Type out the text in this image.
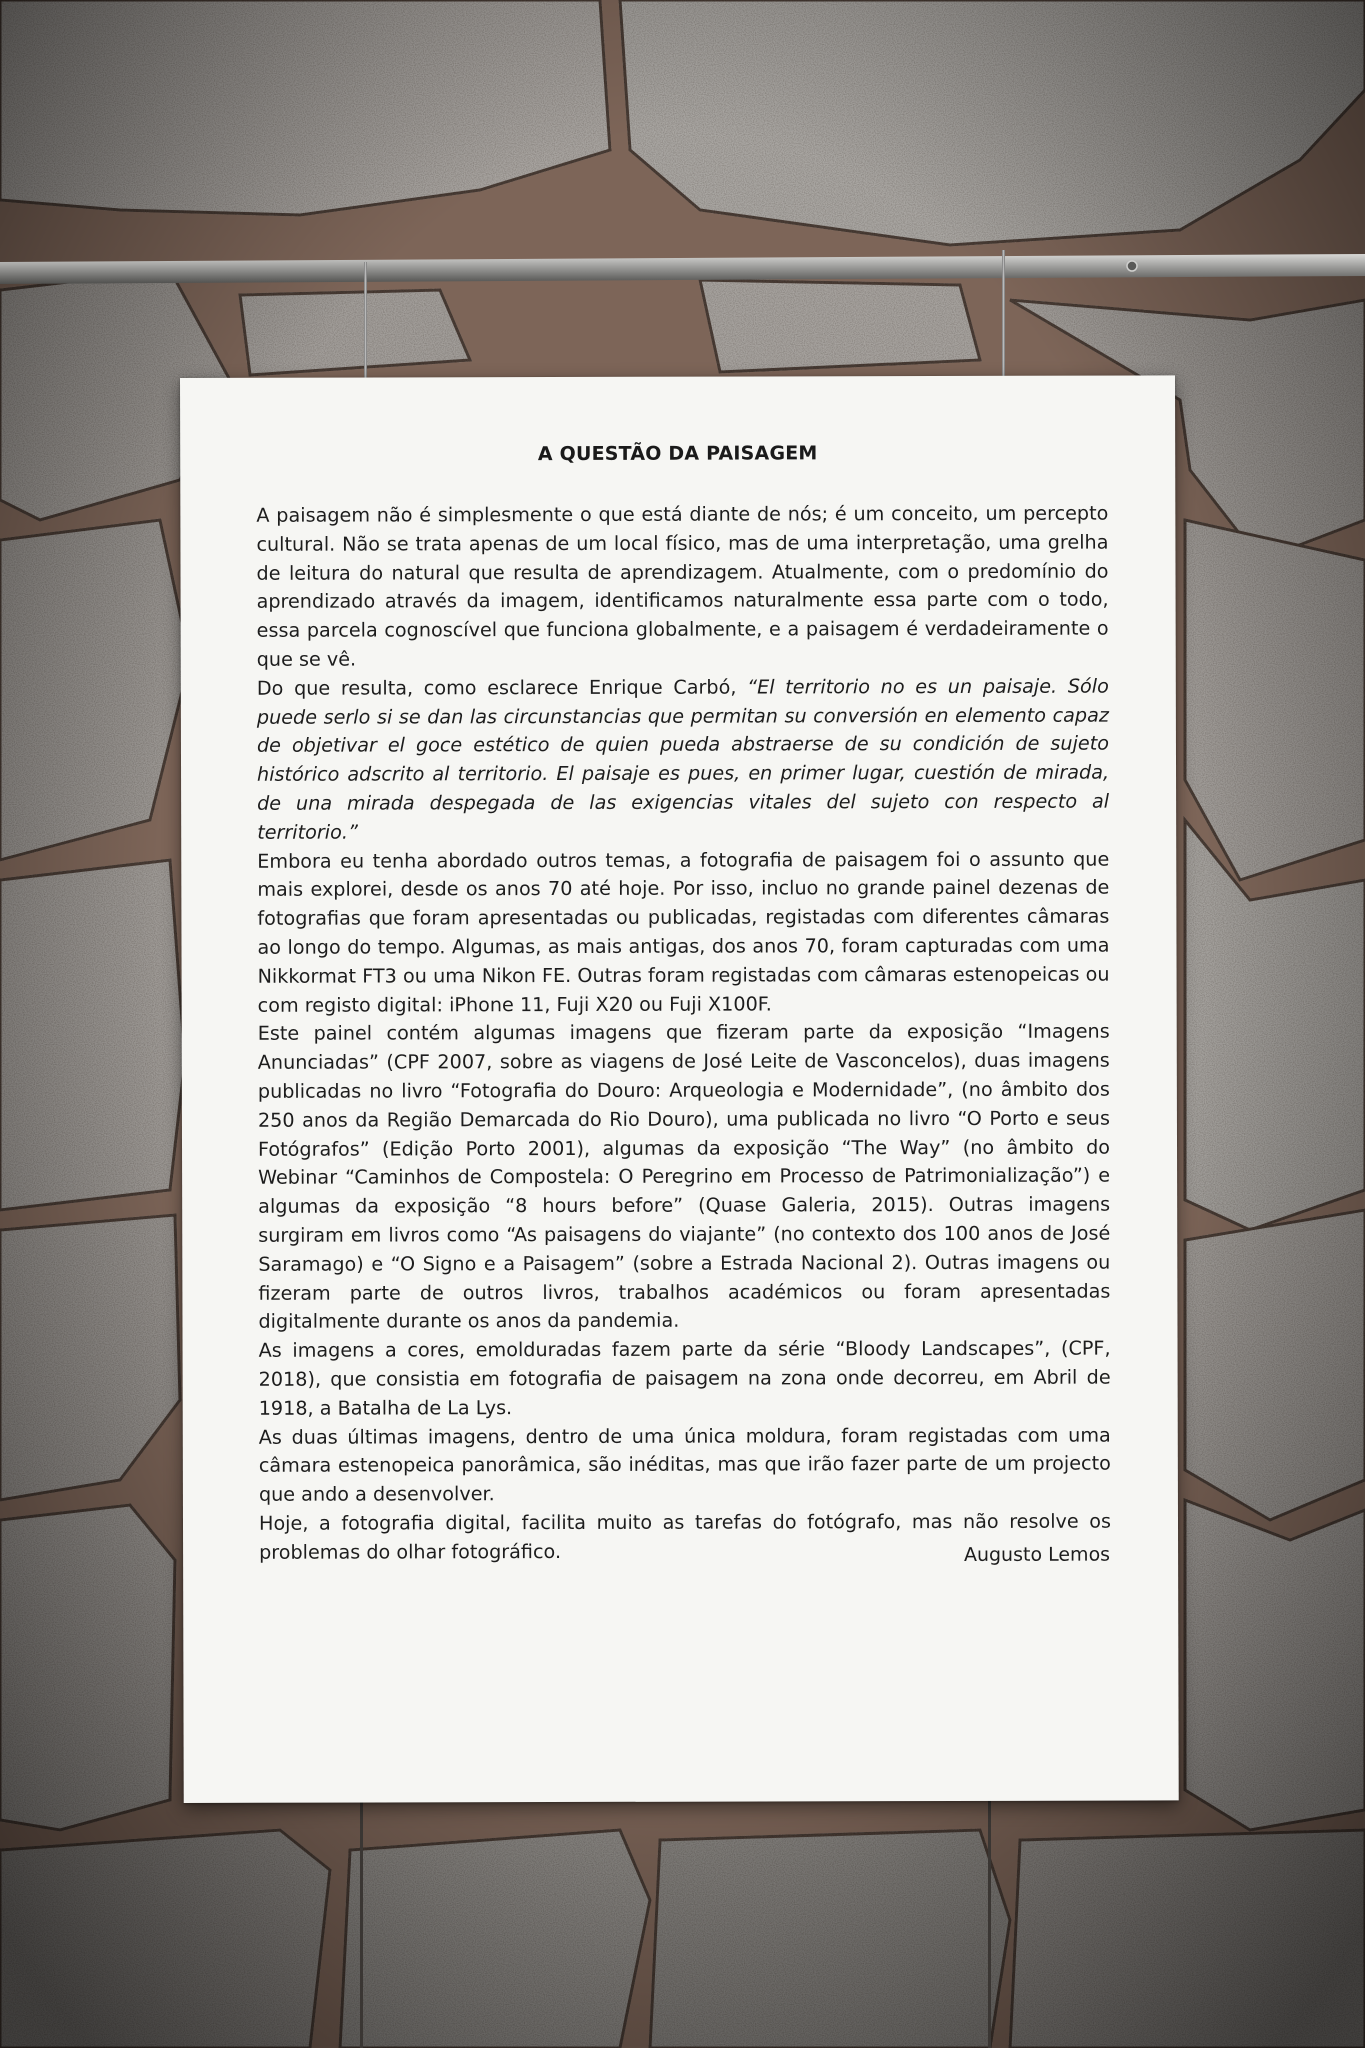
A QUESTÃO DA PAISAGEM

A paisagem não é simplesmente o que está diante de nós; é um conceito, um percepto cultural. Não se trata apenas de um local físico, mas de uma interpretação, uma grelha de leitura do natural que resulta de aprendizagem. Atualmente, com o predomínio do aprendizado através da imagem, identificamos naturalmente essa parte com o todo, essa parcela cognoscível que funciona globalmente, e a paisagem é verdadeiramente o que se vê.

Do que resulta, como esclarece Enrique Carbó, “El territorio no es un paisaje. Sólo puede serlo si se dan las circunstancias que permitan su conversión en elemento capaz de objetivar el goce estético de quien pueda abstraerse de su condición de sujeto histórico adscrito al territorio. El paisaje es pues, en primer lugar, cuestión de mirada, de una mirada despegada de las exigencias vitales del sujeto con respecto al territorio.”

Embora eu tenha abordado outros temas, a fotografia de paisagem foi o assunto que mais explorei, desde os anos 70 até hoje. Por isso, incluo no grande painel dezenas de fotografias que foram apresentadas ou publicadas, registadas com diferentes câmaras ao longo do tempo. Algumas, as mais antigas, dos anos 70, foram capturadas com uma Nikkormat FT3 ou uma Nikon FE. Outras foram registadas com câmaras estenopeicas ou com registo digital: iPhone 11, Fuji X20 ou Fuji X100F.

Este painel contém algumas imagens que fizeram parte da exposição “Imagens Anunciadas” (CPF 2007, sobre as viagens de José Leite de Vasconcelos), duas imagens publicadas no livro “Fotografia do Douro: Arqueologia e Modernidade”, (no âmbito dos 250 anos da Região Demarcada do Rio Douro), uma publicada no livro “O Porto e seus Fotógrafos” (Edição Porto 2001), algumas da exposição “The Way” (no âmbito do Webinar “Caminhos de Compostela: O Peregrino em Processo de Patrimonialização”) e algumas da exposição “8 hours before” (Quase Galeria, 2015). Outras imagens surgiram em livros como “As paisagens do viajante” (no contexto dos 100 anos de José Saramago) e “O Signo e a Paisagem” (sobre a Estrada Nacional 2). Outras imagens ou fizeram parte de outros livros, trabalhos académicos ou foram apresentadas digitalmente durante os anos da pandemia.

As imagens a cores, emolduradas fazem parte da série “Bloody Landscapes”, (CPF, 2018), que consistia em fotografia de paisagem na zona onde decorreu, em Abril de 1918, a Batalha de La Lys.

As duas últimas imagens, dentro de uma única moldura, foram registadas com uma câmara estenopeica panorâmica, são inéditas, mas que irão fazer parte de um projecto que ando a desenvolver.

Hoje, a fotografia digital, facilita muito as tarefas do fotógrafo, mas não resolve os problemas do olhar fotográfico.	Augusto Lemos
